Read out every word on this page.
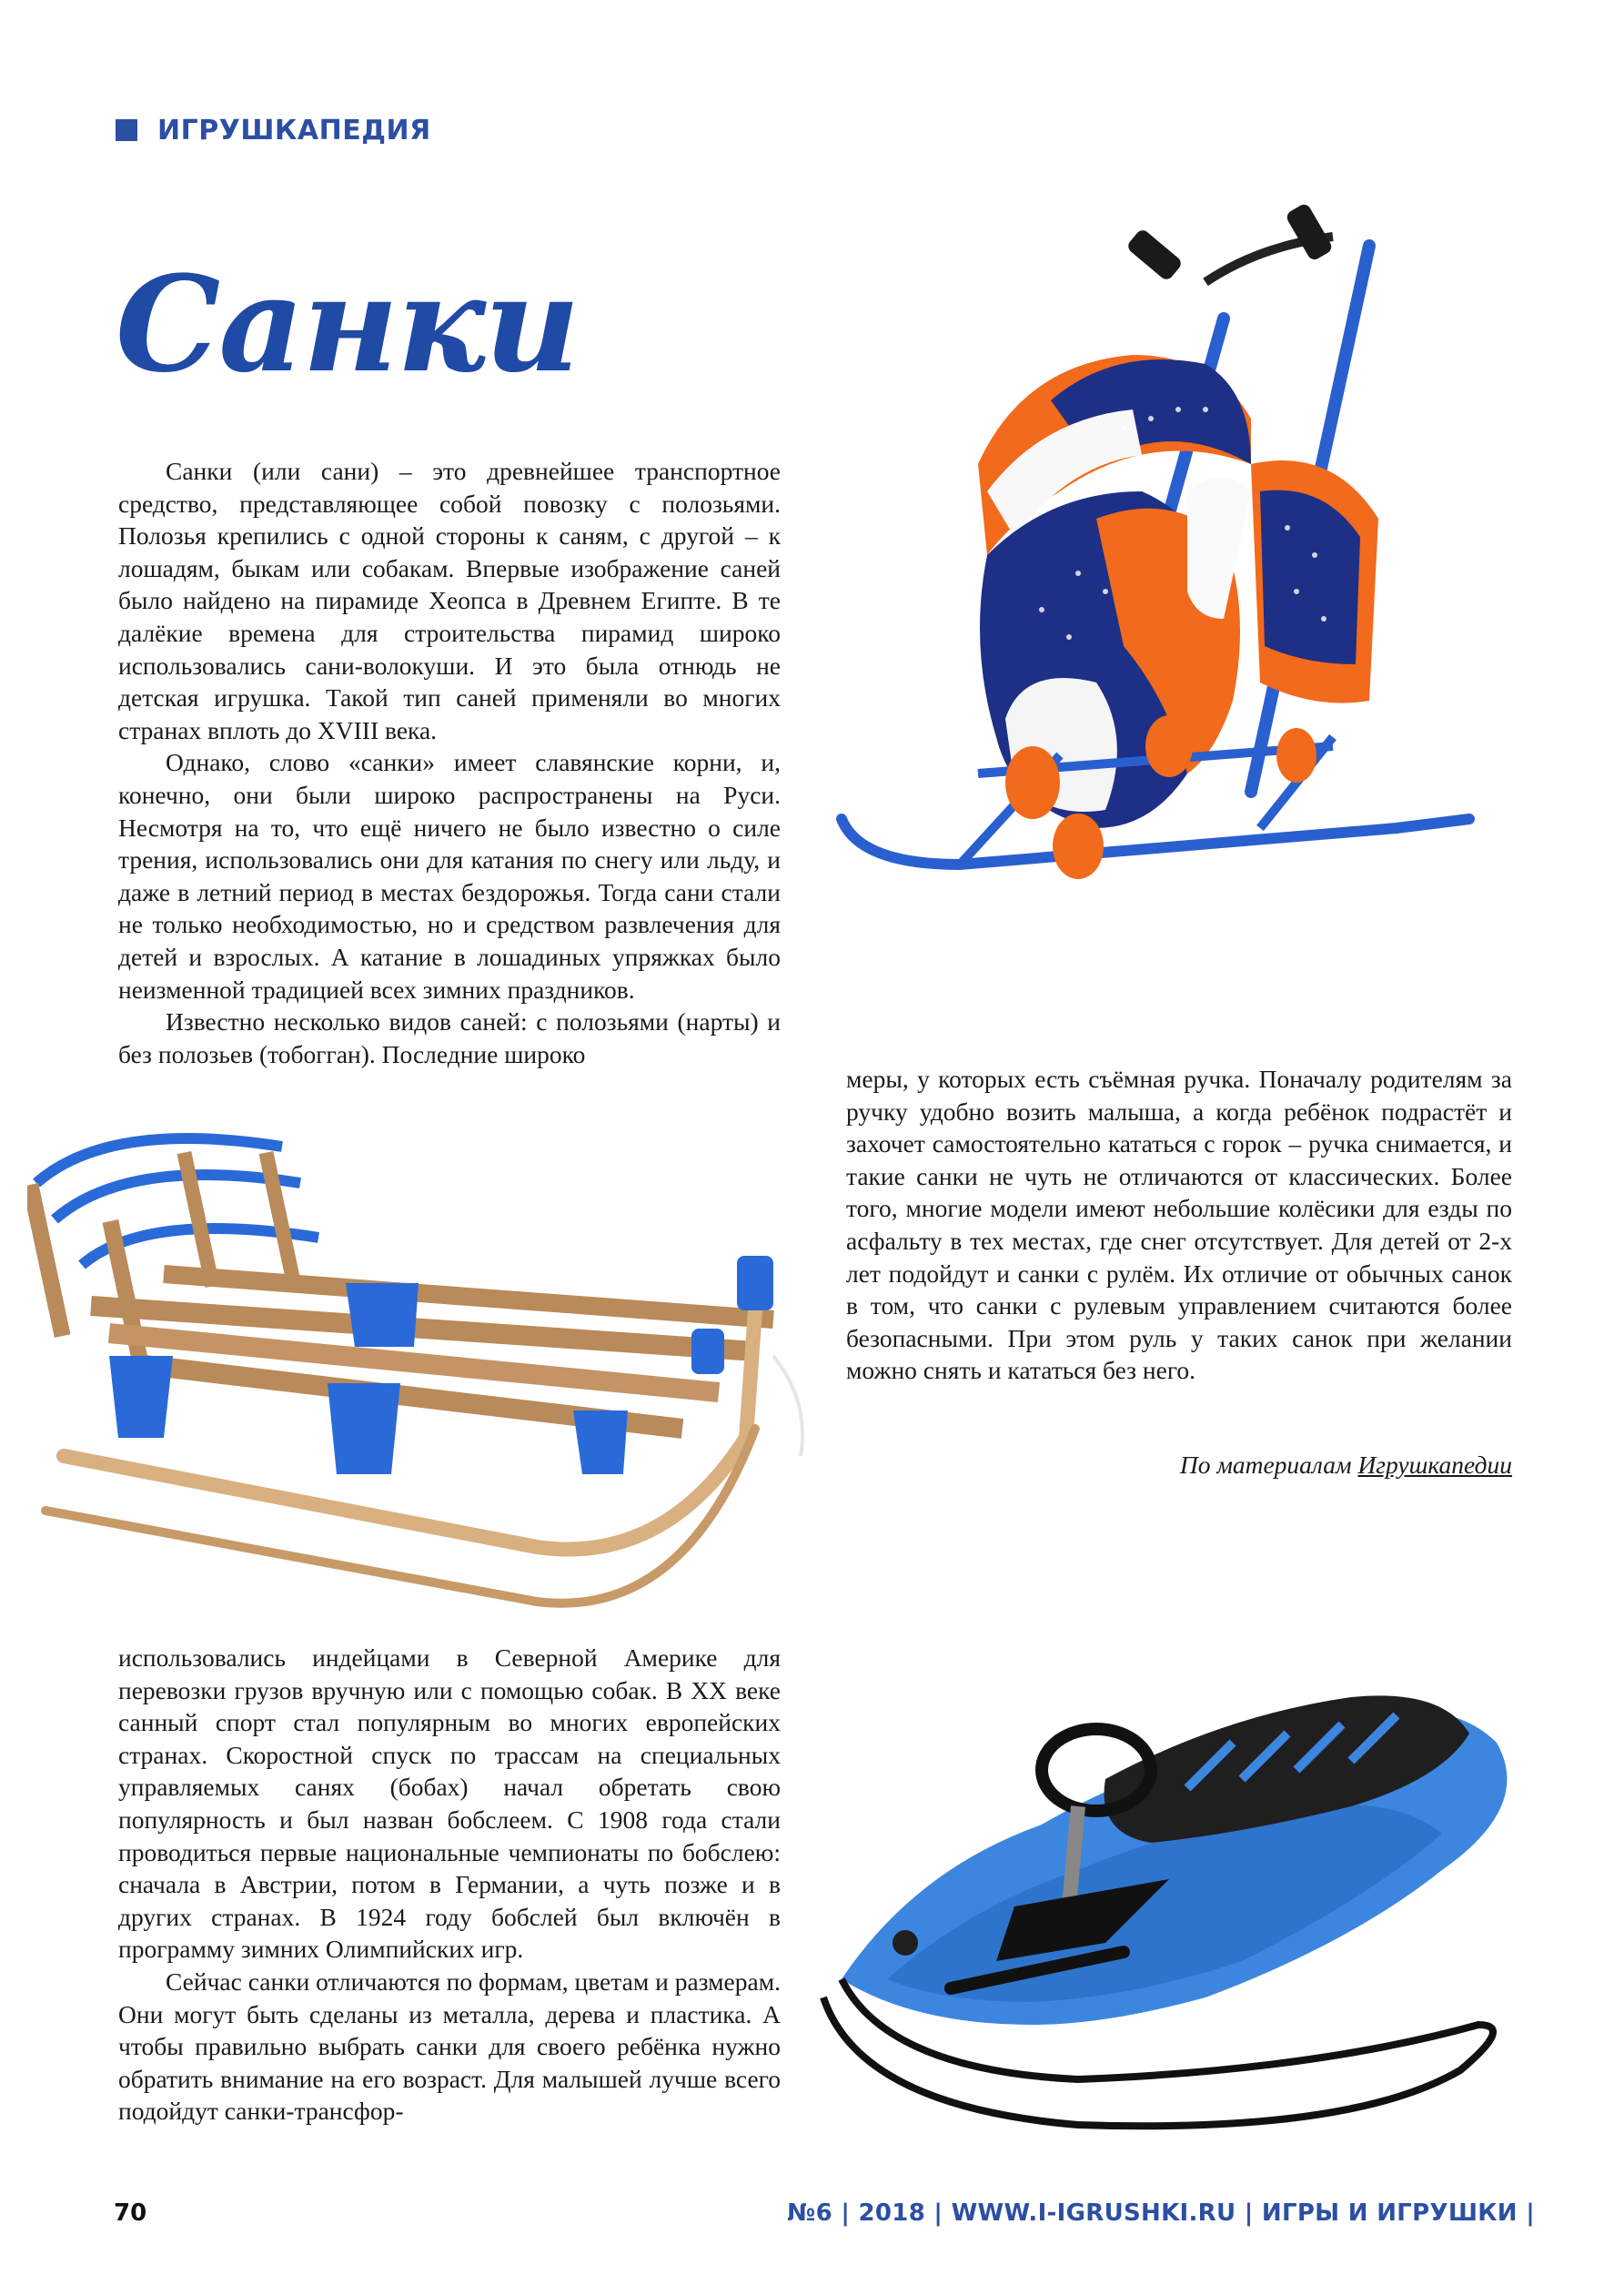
ИГРУШКАПЕДИЯ
Санки

Санки (или сани) – это древнейшее транспортное средство, представляющее собой повозку с полозьями. Полозья крепились с одной стороны к саням, с другой – к лошадям, быкам или собакам. Впервые изображение саней было найдено на пирамиде Хеопса в Древнем Египте. В те далёкие времена для строительства пирамид широко использовались сани-волокуши. И это была отнюдь не детская игрушка. Такой тип саней применяли во многих странах вплоть до XVIII века.

Однако, слово «санки» имеет славянские корни, и, конечно, они были широко распространены на Руси. Несмотря на то, что ещё ничего не было известно о силе трения, использовались они для катания по снегу или льду, и даже в летний период в местах бездорожья. Тогда сани стали не только необходимостью, но и средством развлечения для детей и взрослых. А катание в лошадиных упряжках было неизменной традицией всех зимних праздников.

Известно несколько видов саней: с полозьями (нарты) и без полозьев (тобогган). Последние широко

использовались индейцами в Северной Америке для перевозки грузов вручную или с помощью собак. В XX веке санный спорт стал популярным во многих европейских странах. Скоростной спуск по трассам на специальных управляемых санях (бобах) начал обретать свою популярность и был назван бобслеем. С 1908 года стали проводиться первые национальные чемпионаты по бобслею: сначала в Австрии, потом в Германии, а чуть позже и в других странах. В 1924 году бобслей был включён в программу зимних Олимпийских игр.

Сейчас санки отличаются по формам, цветам и размерам. Они могут быть сделаны из металла, дерева и пластика. А чтобы правильно выбрать санки для своего ребёнка нужно обратить внимание на его возраст. Для малышей лучше всего подойдут санки-трансфор-

меры, у которых есть съёмная ручка. Поначалу родителям за ручку удобно возить малыша, а когда ребёнок подрастёт и захочет самостоятельно кататься с горок – ручка снимается, и такие санки не чуть не отличаются от классических. Более того, многие модели имеют небольшие колёсики для езды по асфальту в тех местах, где снег отсутствует. Для детей от 2-х лет подойдут и санки с рулём. Их отличие от обычных санок в том, что санки с рулевым управлением считаются более безопасными. При этом руль у таких санок при желании можно снять и кататься без него.

По материалам Игрушкапедии
70	№6 | 2018 | WWW.I-IGRUSHKI.RU | ИГРЫ И ИГРУШКИ |
